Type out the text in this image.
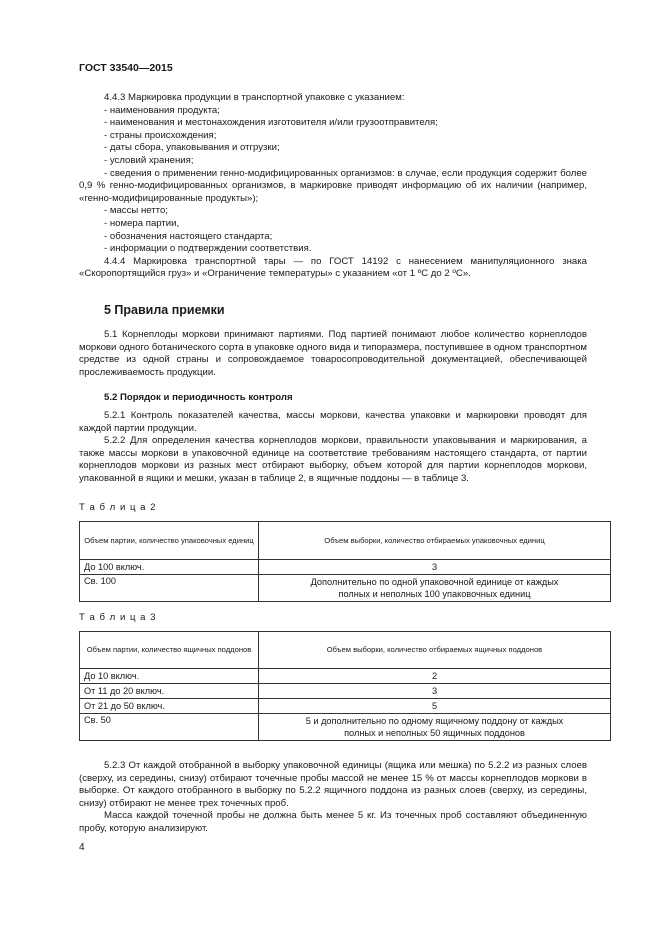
ГОСТ 33540—2015

4.4.3 Маркировка продукции в транспортной упаковке с указанием:

- наименования продукта;

- наименования и местонахождения изготовителя и/или грузоотправителя;

- страны происхождения;

- даты сбора, упаковывания и отгрузки;

- условий хранения;

- сведения о применении генно-модифицированных организмов: в случае, если продукция содержит более 0,9 % генно-модифицированных организмов, в маркировке приводят информацию об их наличии (например, «генно-модифицированные продукты»);

- массы нетто;

- номера партии,

- обозначения настоящего стандарта;

- информации о подтверждении соответствия.

4.4.4 Маркировка транспортной тары — по ГОСТ 14192 с нанесением манипуляционного знака «Скоропортящийся груз» и «Ограничение температуры» с указанием «от 1 ºС до 2 ºС».

5 Правила приемки

5.1 Корнеплоды моркови принимают партиями. Под партией понимают любое количество корнеплодов моркови одного ботанического сорта в упаковке одного вида и типоразмера, поступившее в одном транспортном средстве из одной страны и сопровождаемое товаросопроводительной документацией, обеспечивающей прослеживаемость продукции.

5.2 Порядок и периодичность контроля

5.2.1 Контроль показателей качества, массы моркови, качества упаковки и маркировки проводят для каждой партии продукции.

5.2.2 Для определения качества корнеплодов моркови, правильности упаковывания и маркирования, а также массы моркови в упаковочной единице на соответствие требованиям настоящего стандарта, от партии корнеплодов моркови из разных мест отбирают выборку, объем которой для партии корнеплодов моркови, упакованной в ящики и мешки, указан в таблице 2, в ящичные поддоны — в таблице 3.

Т а б л и ц а 2
Объем партии, количество упаковочных единиц	Объем выборки, количество отбираемых упаковочных единиц
До 100 включ.	3
Св. 100	Дополнительно по одной упаковочной единице от каждых полных и неполных 100 упаковочных единиц
Т а б л и ц а 3
Объем партии, количество ящичных поддонов	Объем выборки, количество отбираемых ящичных поддонов
До 10 включ.	2
От 11 до 20 включ.	3
От 21 до 50 включ.	5
Св. 50	5 и дополнительно по одному ящичному поддону от каждых полных и неполных 50 ящичных поддонов

5.2.3 От каждой отобранной в выборку упаковочной единицы (ящика или мешка) по 5.2.2 из разных слоев (сверху, из середины, снизу) отбирают точечные пробы массой не менее 15 % от массы корнеплодов моркови в выборке. От каждого отобранного в выборку по 5.2.2 ящичного поддона из разных слоев (сверху, из середины, снизу) отбирают не менее трех точечных проб.

Масса каждой точечной пробы не должна быть менее 5 кг. Из точечных проб составляют объединенную пробу, которую анализируют.

4
